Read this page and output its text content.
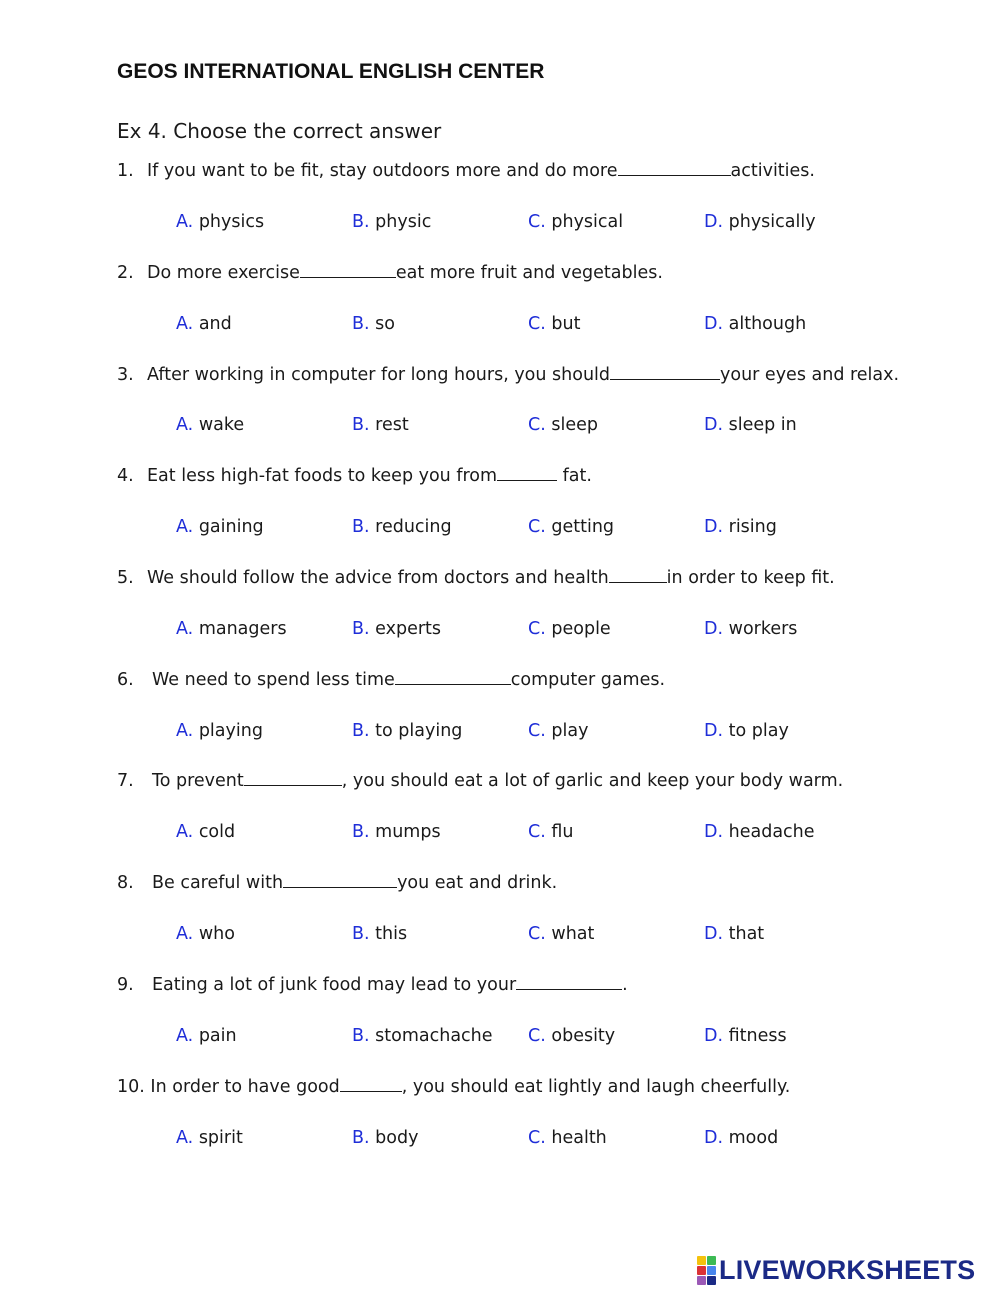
GEOS INTERNATIONAL ENGLISH CENTER
Ex 4. Choose the correct answer
1. If you want to be fit, stay outdoors more and do more	activities.
A. physics	B. physic	C. physical	D. physically
2. Do more exercise	eat more fruit and vegetables.
A. and	B. so	C. but	D. although
3. After working in computer for long hours, you should	your eyes and relax.
A. wake	B. rest	C. sleep	D. sleep in
4. Eat less high-fat foods to keep you from	fat.
A. gaining	B. reducing	C. getting	D. rising
5. We should follow the advice from doctors and health	in order to keep fit.
A. managers	B. experts	C. people	D. workers
6. We need to spend less time	computer games.
A. playing	B. to playing	C. play	D. to play
7. To prevent	, you should eat a lot of garlic and keep your body warm.
A. cold	B. mumps	C. flu	D. headache
8. Be careful with	you eat and drink.
A. who	B. this	C. what	D. that
9. Eating a lot of junk food may lead to your	.
A. pain	B. stomachache C. obesity	D. fitness
10. In order to have good	, you should eat lightly and laugh cheerfully.
A. spirit	B. body	C. health	D. mood
LIVEWORKSHEETS
